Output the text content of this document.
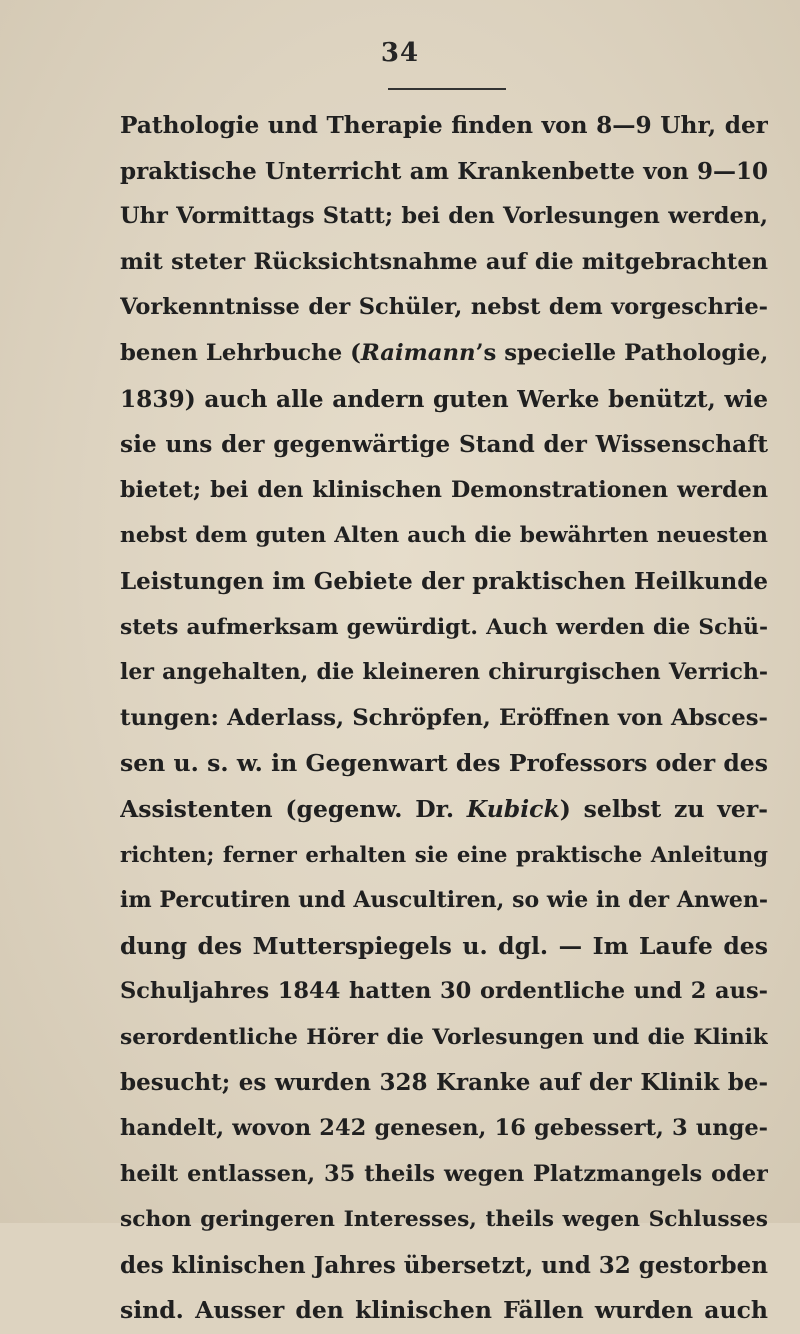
34
Pathologie und Therapie finden von 8—9 Uhr, der
praktische Unterricht am Krankenbette von 9—10
Uhr Vormittags Statt; bei den Vorlesungen werden,
mit steter Rücksichtsnahme auf die mitgebrachten
Vorkenntnisse der Schüler, nebst dem vorgeschrie-
benen Lehrbuche (Raimann’s specielle Pathologie,
1839) auch alle andern guten Werke benützt, wie
sie uns der gegenwärtige Stand der Wissenschaft
bietet; bei den klinischen Demonstrationen werden
nebst dem guten Alten auch die bewährten neuesten
Leistungen im Gebiete der praktischen Heilkunde
stets aufmerksam gewürdigt. Auch werden die Schü-
ler angehalten, die kleineren chirurgischen Verrich-
tungen: Aderlass, Schröpfen, Eröffnen von Absces-
sen u. s. w. in Gegenwart des Professors oder des
Assistenten (gegenw. Dr. Kubick) selbst zu ver-
richten; ferner erhalten sie eine praktische Anleitung
im Percutiren und Auscultiren, so wie in der Anwen-
dung des Mutterspiegels u. dgl. — Im Laufe des
Schuljahres 1844 hatten 30 ordentliche und 2 aus-
serordentliche Hörer die Vorlesungen und die Klinik
besucht; es wurden 328 Kranke auf der Klinik be-
handelt, wovon 242 genesen, 16 gebessert, 3 unge-
heilt entlassen, 35 theils wegen Platzmangels oder
schon geringeren Interesses, theils wegen Schlusses
des klinischen Jahres übersetzt, und 32 gestorben
sind. Ausser den klinischen Fällen wurden auch
